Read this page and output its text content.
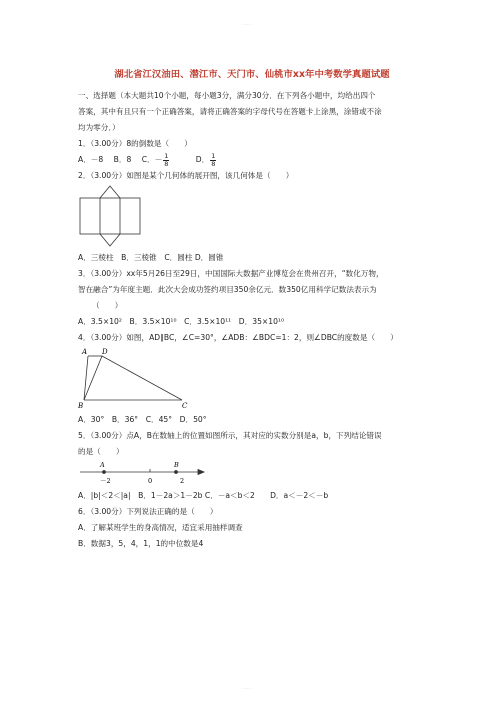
·····
湖北省江汉油田、潜江市、天门市、仙桃市xx年中考数学真题试题
一、选择题（本大题共10个小题，每小题3分，满分30分．在下列各小题中，均给出四个
答案，其中有且只有一个正确答案，请将正确答案的字母代号在答题卡上涂黑，涂错或不涂
均为零分．）
1．（3.00分）8的倒数是（　　）
A．－8 B．8 C．－ $\frac{1}{8}$ D． $\frac{1}{8}$
2．（3.00分）如图是某个几何体的展开图，该几何体是（　　）
A．三棱柱　B．三棱锥　C．圆柱 D．圆锥
3．（3.00分）xx年5月26日至29日，中国国际大数据产业博览会在贵州召开，“数化万物，
智在融合”为年度主题．此次大会成功签约项目350余亿元．数350亿用科学记数法表示为
（　　）
A．3.5×10²　B．3.5×10¹⁰　C．3.5×10¹¹　D．35×10¹⁰
4．（3.00分）如图，AD∥BC，∠C=30°，∠ADB：∠BDC=1：2，则∠DBC的度数是（　　）
A D
B	C
A．30°　B．36°　C．45°　D．50°
5．（3.00分）点A，B在数轴上的位置如图所示，其对应的实数分别是a，b，下列结论错误
的是（　　）
A	B
－2	0	2
A．|b|＜2＜|a|　B．1－2a＞1－2b C．－a＜b＜2　　D．a＜－2＜－b
6．（3.00分）下列说法正确的是（　　）
A．了解某班学生的身高情况，适宜采用抽样调查
B．数据3，5，4，1，1的中位数是4
·····
